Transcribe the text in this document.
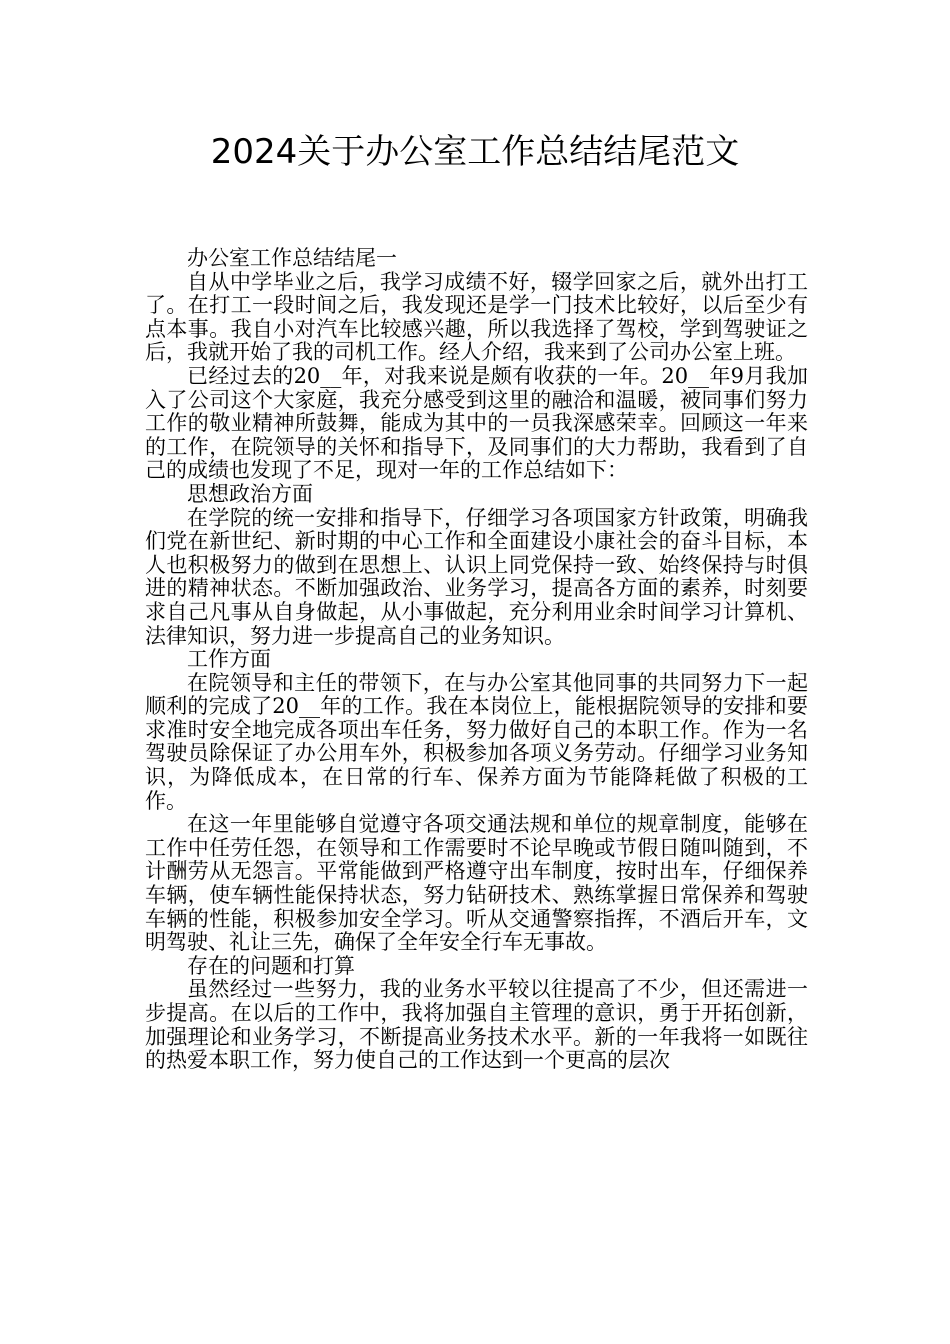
2024关于办公室工作总结结尾范文

办公室工作总结结尾一

自从中学毕业之后，我学习成绩不好，辍学回家之后，就外出打工了。在打工一段时间之后，我发现还是学一门技术比较好，以后至少有点本事。我自小对汽车比较感兴趣，所以我选择了驾校，学到驾驶证之后，我就开始了我的司机工作。经人介绍，我来到了公司办公室上班。

已经过去的20__年，对我来说是颇有收获的一年。20__年9月我加入了公司这个大家庭，我充分感受到这里的融洽和温暖，被同事们努力工作的敬业精神所鼓舞，能成为其中的一员我深感荣幸。回顾这一年来的工作，在院领导的关怀和指导下，及同事们的大力帮助，我看到了自己的成绩也发现了不足，现对一年的工作总结如下：

思想政治方面

在学院的统一安排和指导下，仔细学习各项国家方针政策，明确我们党在新世纪、新时期的中心工作和全面建设小康社会的奋斗目标，本人也积极努力的做到在思想上、认识上同党保持一致、始终保持与时俱进的精神状态。不断加强政治、业务学习，提高各方面的素养，时刻要求自己凡事从自身做起，从小事做起，充分利用业余时间学习计算机、法律知识，努力进一步提高自己的业务知识。

工作方面

在院领导和主任的带领下，在与办公室其他同事的共同努力下一起顺利的完成了20__年的工作。我在本岗位上，能根据院领导的安排和要求准时安全地完成各项出车任务，努力做好自己的本职工作。作为一名驾驶员除保证了办公用车外，积极参加各项义务劳动。仔细学习业务知识，为降低成本，在日常的行车、保养方面为节能降耗做了积极的工作。

在这一年里能够自觉遵守各项交通法规和单位的规章制度，能够在工作中任劳任怨，在领导和工作需要时不论早晚或节假日随叫随到，不计酬劳从无怨言。平常能做到严格遵守出车制度，按时出车，仔细保养车辆，使车辆性能保持状态，努力钻研技术、熟练掌握日常保养和驾驶车辆的性能，积极参加安全学习。听从交通警察指挥，不酒后开车，文明驾驶、礼让三先，确保了全年安全行车无事故。

存在的问题和打算

虽然经过一些努力，我的业务水平较以往提高了不少，但还需进一步提高。在以后的工作中，我将加强自主管理的意识，勇于开拓创新，加强理论和业务学习，不断提高业务技术水平。新的一年我将一如既往的热爱本职工作，努力使自己的工作达到一个更高的层次
